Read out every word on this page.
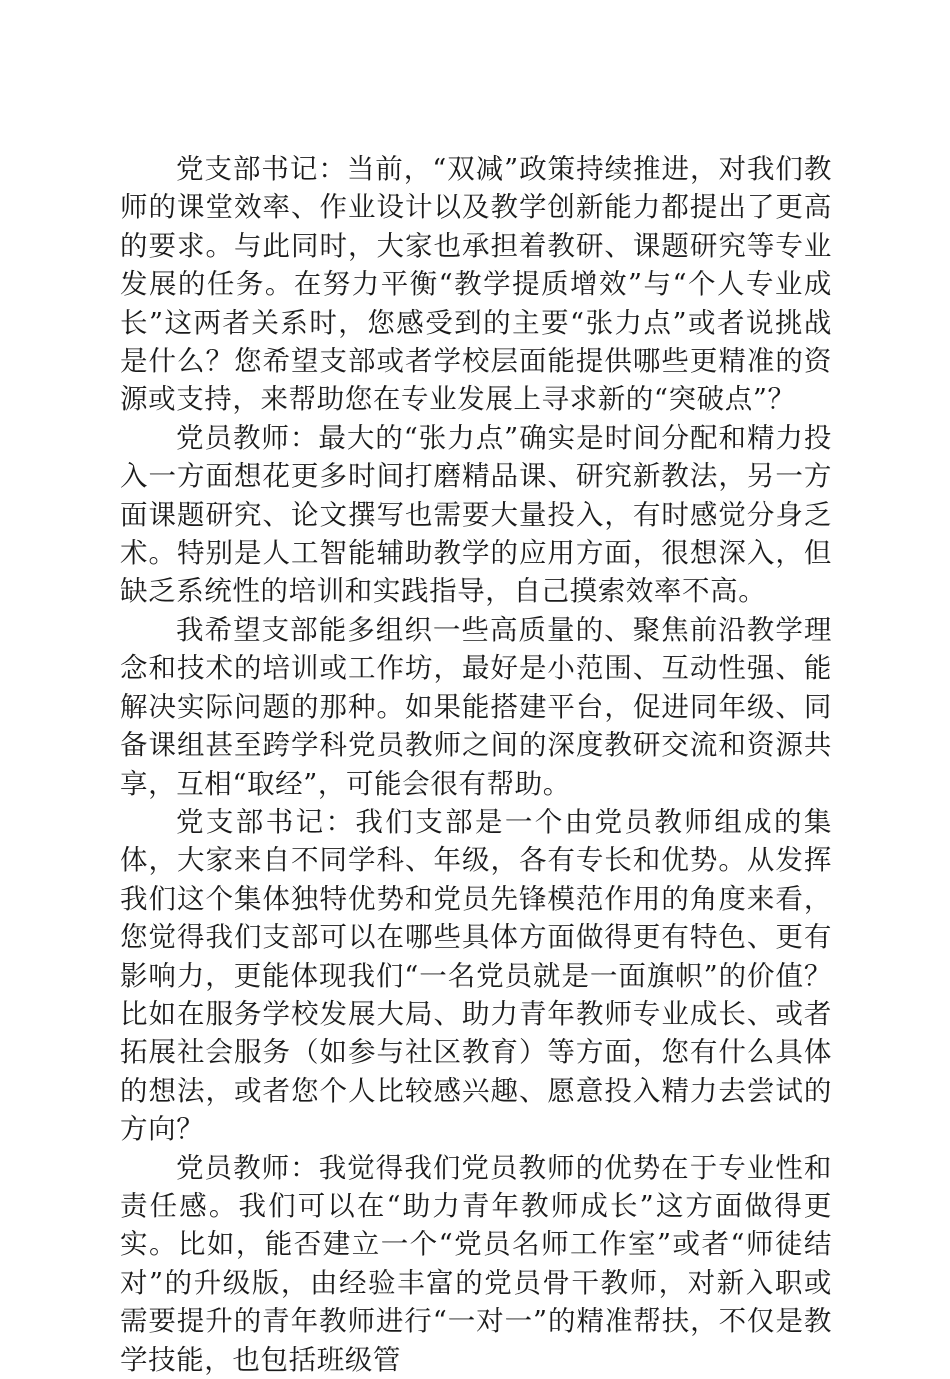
党支部书记：当前，“双减”政策持续推进，对我们教师的课堂效率、作业设计以及教学创新能力都提出了更高的要求。与此同时，大家也承担着教研、课题研究等专业发展的任务。在努力平衡“教学提质增效”与“个人专业成长”这两者关系时，您感受到的主要“张力点”或者说挑战是什么？您希望支部或者学校层面能提供哪些更精准的资源或支持，来帮助您在专业发展上寻求新的“突破点”？

党员教师：最大的“张力点”确实是时间分配和精力投入一方面想花更多时间打磨精品课、研究新教法，另一方面课题研究、论文撰写也需要大量投入，有时感觉分身乏术。特别是人工智能辅助教学的应用方面，很想深入，但缺乏系统性的培训和实践指导，自己摸索效率不高。

我希望支部能多组织一些高质量的、聚焦前沿教学理念和技术的培训或工作坊，最好是小范围、互动性强、能解决实际问题的那种。如果能搭建平台，促进同年级、同备课组甚至跨学科党员教师之间的深度教研交流和资源共享，互相“取经”，可能会很有帮助。

党支部书记：我们支部是一个由党员教师组成的集体，大家来自不同学科、年级，各有专长和优势。从发挥我们这个集体独特优势和党员先锋模范作用的角度来看，您觉得我们支部可以在哪些具体方面做得更有特色、更有影响力，更能体现我们“一名党员就是一面旗帜”的价值？比如在服务学校发展大局、助力青年教师专业成长、或者拓展社会服务（如参与社区教育）等方面，您有什么具体的想法，或者您个人比较感兴趣、愿意投入精力去尝试的方向？

党员教师：我觉得我们党员教师的优势在于专业性和责任感。我们可以在“助力青年教师成长”这方面做得更实。比如，能否建立一个“党员名师工作室”或者“师徒结对”的升级版，由经验丰富的党员骨干教师，对新入职或需要提升的青年教师进行“一对一”的精准帮扶，不仅是教学技能，也包括班级管
